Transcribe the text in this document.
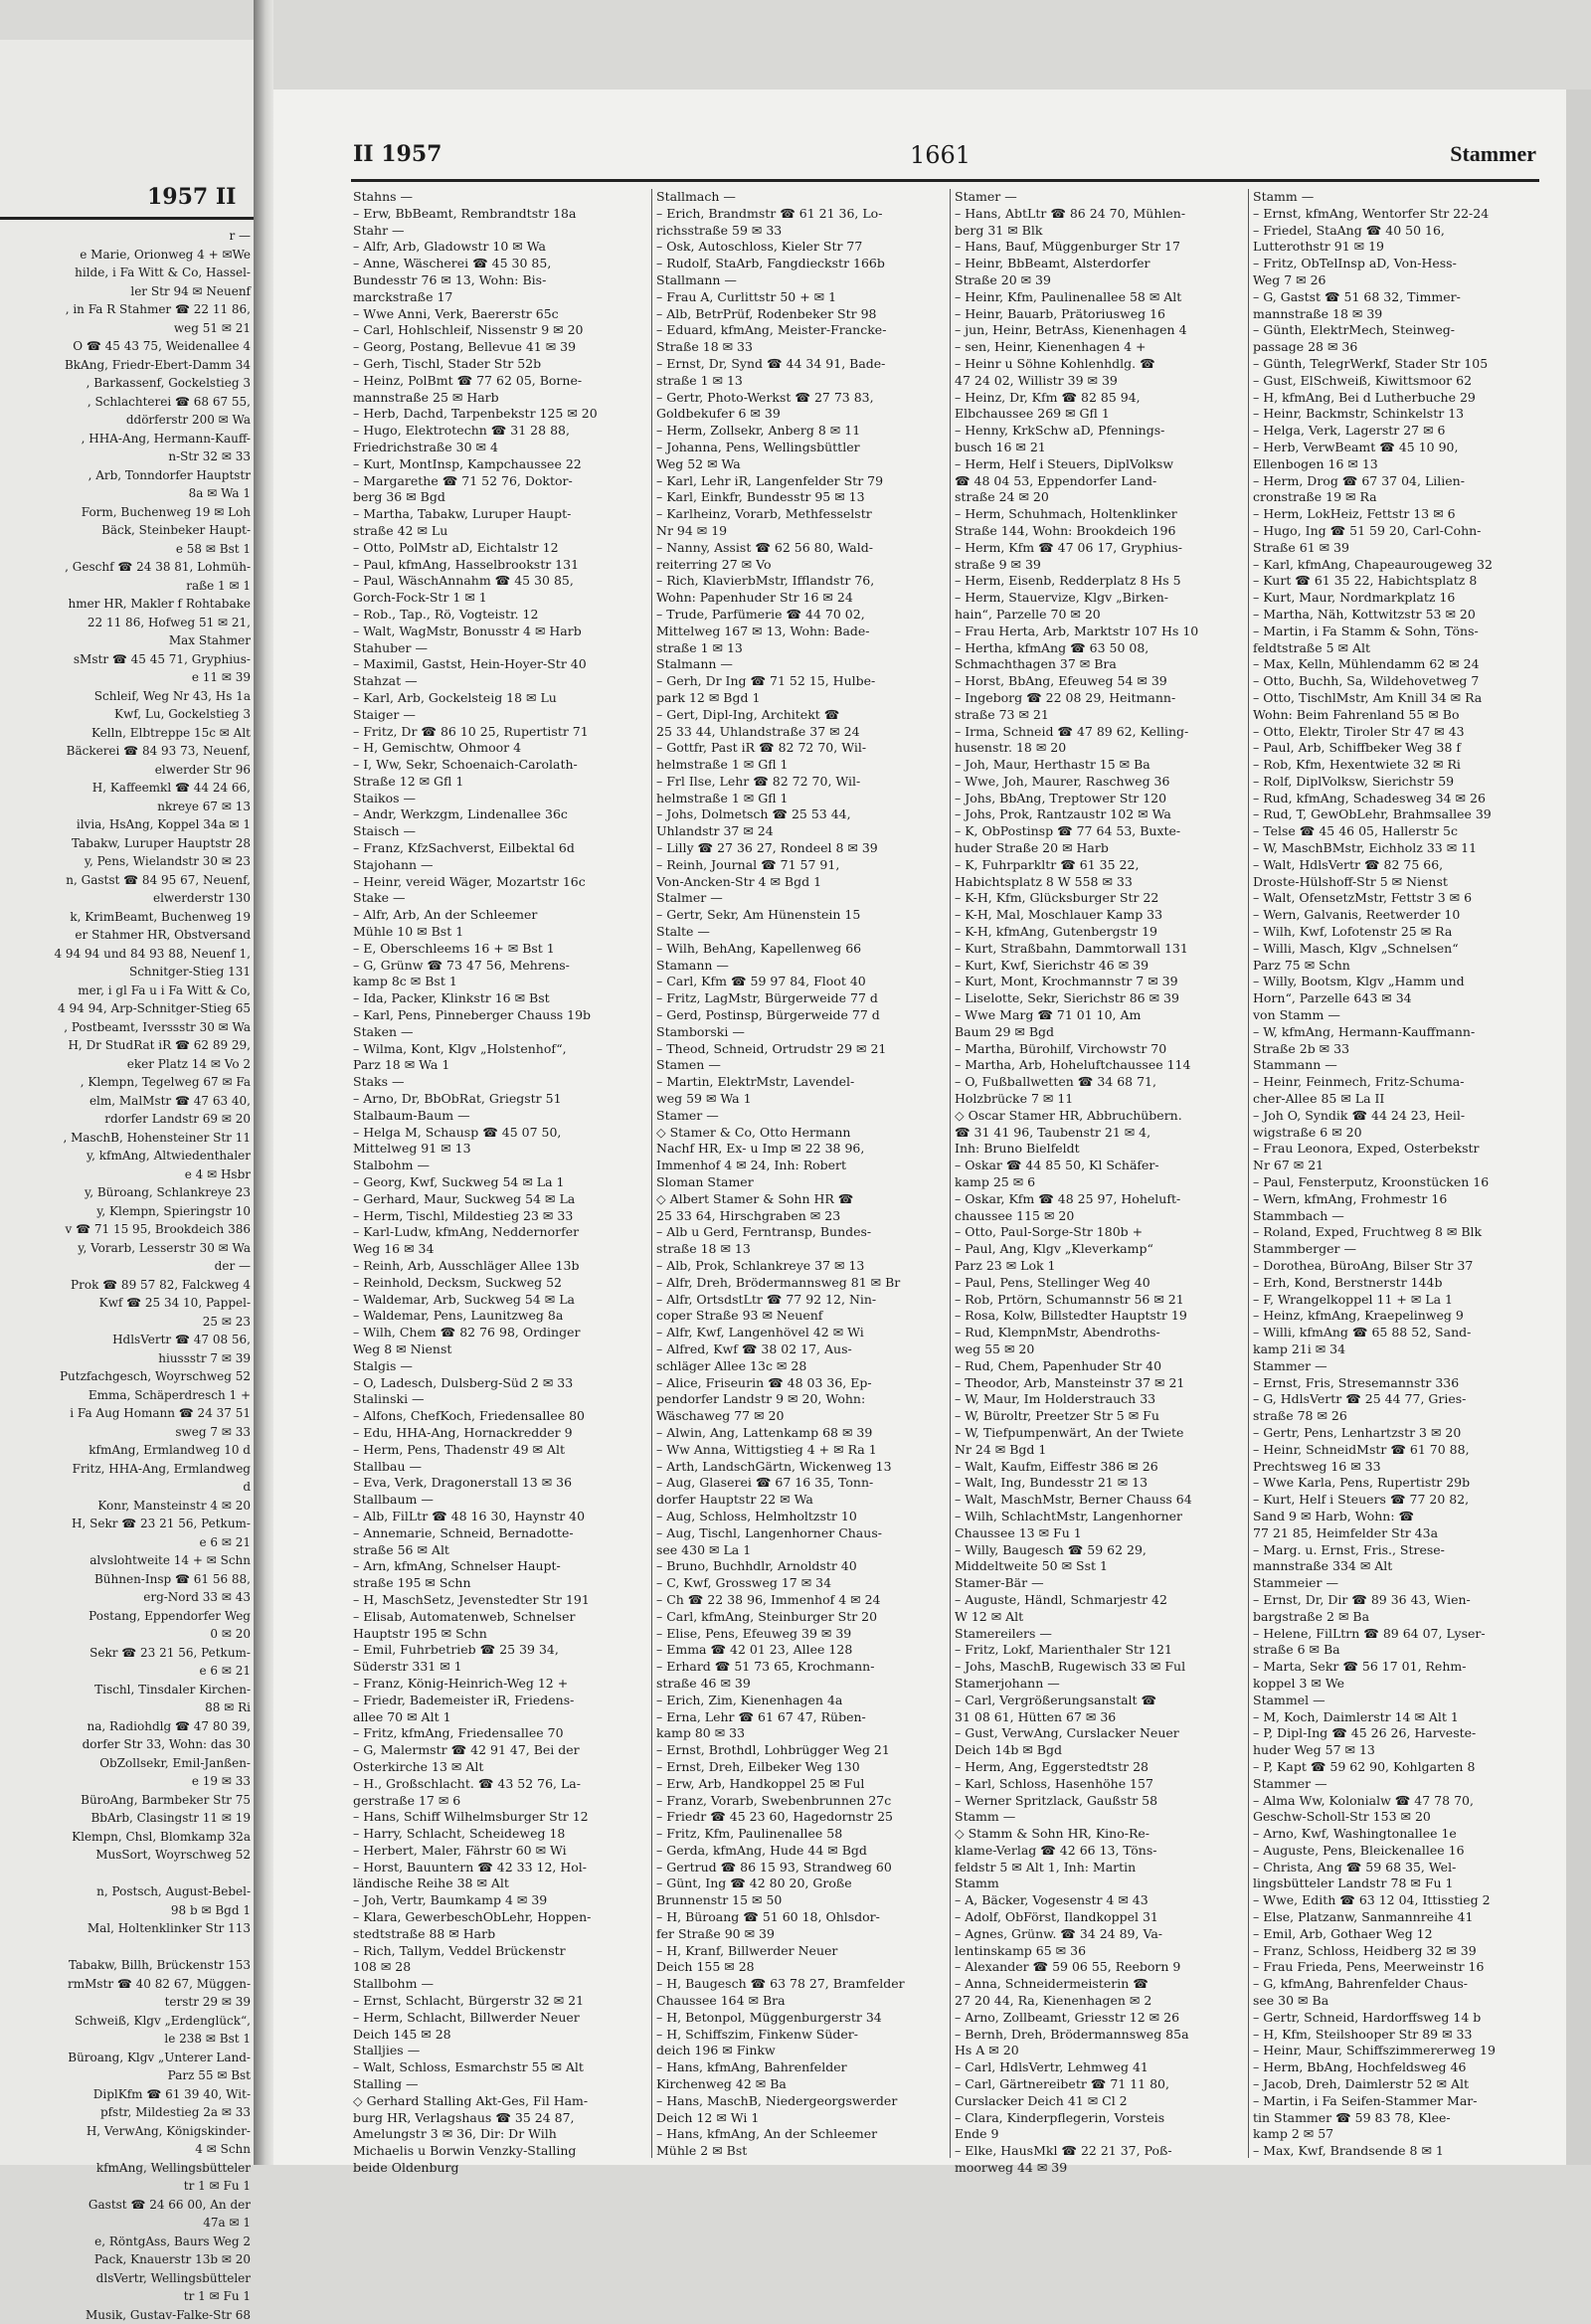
1957 II
r —
e Marie, Orionweg 4 + ✉We
hilde, i Fa Witt & Co, Hassel-
ler Str 94 ✉ Neuenf
, in Fa R Stahmer ☎ 22 11 86,
weg 51 ✉ 21
O ☎ 45 43 75, Weidenallee 4
BkAng, Friedr-Ebert-Damm 34
, Barkassenf, Gockelstieg 3
, Schlachterei ☎ 68 67 55,
ddörferstr 200 ✉ Wa
, HHA-Ang, Hermann-Kauff-
n-Str 32 ✉ 33
, Arb, Tonndorfer Hauptstr
8a ✉ Wa 1
Form, Buchenweg 19 ✉ Loh
Bäck, Steinbeker Haupt-
e 58 ✉ Bst 1
, Geschf ☎ 24 38 81, Lohmüh-
raße 1 ✉ 1
hmer HR, Makler f Rohtabake
22 11 86, Hofweg 51 ✉ 21,
Max Stahmer
sMstr ☎ 45 45 71, Gryphius-
e 11 ✉ 39
Schleif, Weg Nr 43, Hs 1a
Kwf, Lu, Gockelstieg 3
Kelln, Elbtreppe 15c ✉ Alt
Bäckerei ☎ 84 93 73, Neuenf,
elwerder Str 96
H, Kaffeemkl ☎ 44 24 66,
nkreye 67 ✉ 13
ilvia, HsAng, Koppel 34a ✉ 1
Tabakw, Luruper Hauptstr 28
y, Pens, Wielandstr 30 ✉ 23
n, Gastst ☎ 84 95 67, Neuenf,
elwerderstr 130
k, KrimBeamt, Buchenweg 19
er Stahmer HR, Obstversand
4 94 94 und 84 93 88, Neuenf 1,
Schnitger-Stieg 131
mer, i gl Fa u i Fa Witt & Co,
4 94 94, Arp-Schnitger-Stieg 65
, Postbeamt, Iverssstr 30 ✉ Wa
H, Dr StudRat iR ☎ 62 89 29,
eker Platz 14 ✉ Vo 2
, Klempn, Tegelweg 67 ✉ Fa
elm, MalMstr ☎ 47 63 40,
rdorfer Landstr 69 ✉ 20
, MaschB, Hohensteiner Str 11
y, kfmAng, Altwiedenthaler
e 4 ✉ Hsbr
y, Büroang, Schlankreye 23
y, Klempn, Spieringstr 10
v ☎ 71 15 95, Brookdeich 386
y, Vorarb, Lesserstr 30 ✉ Wa
der —
Prok ☎ 89 57 82, Falckweg 4
Kwf ☎ 25 34 10, Pappel-
25 ✉ 23
HdlsVertr ☎ 47 08 56,
hiussstr 7 ✉ 39
Putzfachgesch, Woyrschweg 52
Emma, Schäperdresch 1 +
i Fa Aug Homann ☎ 24 37 51
sweg 7 ✉ 33
kfmAng, Ermlandweg 10 d
Fritz, HHA-Ang, Ermlandweg
d
Konr, Mansteinstr 4 ✉ 20
H, Sekr ☎ 23 21 56, Petkum-
e 6 ✉ 21
alvslohtweite 14 + ✉ Schn
Bühnen-Insp ☎ 61 56 88,
erg-Nord 33 ✉ 43
Postang, Eppendorfer Weg
0 ✉ 20
Sekr ☎ 23 21 56, Petkum-
e 6 ✉ 21
Tischl, Tinsdaler Kirchen-
88 ✉ Ri
na, Radiohdlg ☎ 47 80 39,
dorfer Str 33, Wohn: das 30
ObZollsekr, Emil-Janßen-
e 19 ✉ 33
BüroAng, Barmbeker Str 75
BbArb, Clasingstr 11 ✉ 19
Klempn, Chsl, Blomkamp 32a
MusSort, Woyrschweg 52

n, Postsch, August-Bebel-
98 b ✉ Bgd 1
Mal, Holtenklinker Str 113

Tabakw, Billh, Brückenstr 153
rmMstr ☎ 40 82 67, Müggen-
terstr 29 ✉ 39
Schweiß, Klgv „Erdenglück“,
le 238 ✉ Bst 1
Büroang, Klgv „Unterer Land-
Parz 55 ✉ Bst
DiplKfm ☎ 61 39 40, Wit-
pfstr, Mildestieg 2a ✉ 33
H, VerwAng, Königskinder-
4 ✉ Schn
kfmAng, Wellingsbütteler
tr 1 ✉ Fu 1
Gastst ☎ 24 66 00, An der
47a ✉ 1
e, RöntgAss, Baurs Weg 2
Pack, Knauerstr 13b ✉ 20
dlsVertr, Wellingsbütteler
tr 1 ✉ Fu 1
Musik, Gustav-Falke-Str 68
II 1957	1661	Stammer
Stahns —
– Erw, BbBeamt, Rembrandtstr 18a
Stahr —
– Alfr, Arb, Gladowstr 10 ✉ Wa
– Anne, Wäscherei ☎ 45 30 85,
Bundesstr 76 ✉ 13, Wohn: Bis-
marckstraße 17
– Wwe Anni, Verk, Baererstr 65c
– Carl, Hohlschleif, Nissenstr 9 ✉ 20
– Georg, Postang, Bellevue 41 ✉ 39
– Gerh, Tischl, Stader Str 52b
– Heinz, PolBmt ☎ 77 62 05, Borne-
mannstraße 25 ✉ Harb
– Herb, Dachd, Tarpenbekstr 125 ✉ 20
– Hugo, Elektrotechn ☎ 31 28 88,
Friedrichstraße 30 ✉ 4
– Kurt, MontInsp, Kampchaussee 22
– Margarethe ☎ 71 52 76, Doktor-
berg 36 ✉ Bgd
– Martha, Tabakw, Luruper Haupt-
straße 42 ✉ Lu
– Otto, PolMstr aD, Eichtalstr 12
– Paul, kfmAng, Hasselbrookstr 131
– Paul, WäschAnnahm ☎ 45 30 85,
Gorch-Fock-Str 1 ✉ 1
– Rob., Tap., Rö, Vogteistr. 12
– Walt, WagMstr, Bonusstr 4 ✉ Harb
Stahuber —
– Maximil, Gastst, Hein-Hoyer-Str 40
Stahzat —
– Karl, Arb, Gockelsteig 18 ✉ Lu
Staiger —
– Fritz, Dr ☎ 86 10 25, Rupertistr 71
– H, Gemischtw, Ohmoor 4
– I, Ww, Sekr, Schoenaich-Carolath-
Straße 12 ✉ Gfl 1
Staikos —
– Andr, Werkzgm, Lindenallee 36c
Staisch —
– Franz, KfzSachverst, Eilbektal 6d
Stajohann —
– Heinr, vereid Wäger, Mozartstr 16c
Stake —
– Alfr, Arb, An der Schleemer
Mühle 10 ✉ Bst 1
– E, Oberschleems 16 + ✉ Bst 1
– G, Grünw ☎ 73 47 56, Mehrens-
kamp 8c ✉ Bst 1
– Ida, Packer, Klinkstr 16 ✉ Bst
– Karl, Pens, Pinneberger Chauss 19b
Staken —
– Wilma, Kont, Klgv „Holstenhof“,
Parz 18 ✉ Wa 1
Staks —
– Arno, Dr, BbObRat, Griegstr 51
Stalbaum-Baum —
– Helga M, Schausp ☎ 45 07 50,
Mittelweg 91 ✉ 13
Stalbohm —
– Georg, Kwf, Suckweg 54 ✉ La 1
– Gerhard, Maur, Suckweg 54 ✉ La
– Herm, Tischl, Mildestieg 23 ✉ 33
– Karl-Ludw, kfmAng, Neddernorfer
Weg 16 ✉ 34
– Reinh, Arb, Ausschläger Allee 13b
– Reinhold, Decksm, Suckweg 52
– Waldemar, Arb, Suckweg 54 ✉ La
– Waldemar, Pens, Launitzweg 8a
– Wilh, Chem ☎ 82 76 98, Ordinger
Weg 8 ✉ Nienst
Stalgis —
– O, Ladesch, Dulsberg-Süd 2 ✉ 33
Stalinski —
– Alfons, ChefKoch, Friedensallee 80
– Edu, HHA-Ang, Hornackredder 9
– Herm, Pens, Thadenstr 49 ✉ Alt
Stallbau —
– Eva, Verk, Dragonerstall 13 ✉ 36
Stallbaum —
– Alb, FilLtr ☎ 48 16 30, Haynstr 40
– Annemarie, Schneid, Bernadotte-
straße 56 ✉ Alt
– Arn, kfmAng, Schnelser Haupt-
straße 195 ✉ Schn
– H, MaschSetz, Jevenstedter Str 191
– Elisab, Automatenweb, Schnelser
Hauptstr 195 ✉ Schn
– Emil, Fuhrbetrieb ☎ 25 39 34,
Süderstr 331 ✉ 1
– Franz, König-Heinrich-Weg 12 +
– Friedr, Bademeister iR, Friedens-
allee 70 ✉ Alt 1
– Fritz, kfmAng, Friedensallee 70
– G, Malermstr ☎ 42 91 47, Bei der
Osterkirche 13 ✉ Alt
– H., Großschlacht. ☎ 43 52 76, La-
gerstraße 17 ✉ 6
– Hans, Schiff Wilhelmsburger Str 12
– Harry, Schlacht, Scheideweg 18
– Herbert, Maler, Fährstr 60 ✉ Wi
– Horst, Bauuntern ☎ 42 33 12, Hol-
ländische Reihe 38 ✉ Alt
– Joh, Vertr, Baumkamp 4 ✉ 39
– Klara, GewerbeschObLehr, Hoppen-
stedtstraße 88 ✉ Harb
– Rich, Tallym, Veddel Brückenstr
108 ✉ 28
Stallbohm —
– Ernst, Schlacht, Bürgerstr 32 ✉ 21
– Herm, Schlacht, Billwerder Neuer
Deich 145 ✉ 28
Stalljies —
– Walt, Schloss, Esmarchstr 55 ✉ Alt
Stalling —
◇ Gerhard Stalling Akt-Ges, Fil Ham-
burg HR, Verlagshaus ☎ 35 24 87,
Amelungstr 3 ✉ 36, Dir: Dr Wilh
Michaelis u Borwin Venzky-Stalling
beide Oldenburg
Stallmach —
– Erich, Brandmstr ☎ 61 21 36, Lo-
richsstraße 59 ✉ 33
– Osk, Autoschloss, Kieler Str 77
– Rudolf, StaArb, Fangdieckstr 166b
Stallmann —
– Frau A, Curlittstr 50 + ✉ 1
– Alb, BetrPrüf, Rodenbeker Str 98
– Eduard, kfmAng, Meister-Francke-
Straße 18 ✉ 33
– Ernst, Dr, Synd ☎ 44 34 91, Bade-
straße 1 ✉ 13
– Gertr, Photo-Werkst ☎ 27 73 83,
Goldbekufer 6 ✉ 39
– Herm, Zollsekr, Anberg 8 ✉ 11
– Johanna, Pens, Wellingsbüttler
Weg 52 ✉ Wa
– Karl, Lehr iR, Langenfelder Str 79
– Karl, Einkfr, Bundesstr 95 ✉ 13
– Karlheinz, Vorarb, Methfesselstr
Nr 94 ✉ 19
– Nanny, Assist ☎ 62 56 80, Wald-
reiterring 27 ✉ Vo
– Rich, KlavierbMstr, Ifflandstr 76,
Wohn: Papenhuder Str 16 ✉ 24
– Trude, Parfümerie ☎ 44 70 02,
Mittelweg 167 ✉ 13, Wohn: Bade-
straße 1 ✉ 13
Stalmann —
– Gerh, Dr Ing ☎ 71 52 15, Hulbe-
park 12 ✉ Bgd 1
– Gert, Dipl-Ing, Architekt ☎
25 33 44, Uhlandstraße 37 ✉ 24
– Gottfr, Past iR ☎ 82 72 70, Wil-
helmstraße 1 ✉ Gfl 1
– Frl Ilse, Lehr ☎ 82 72 70, Wil-
helmstraße 1 ✉ Gfl 1
– Johs, Dolmetsch ☎ 25 53 44,
Uhlandstr 37 ✉ 24
– Lilly ☎ 27 36 27, Rondeel 8 ✉ 39
– Reinh, Journal ☎ 71 57 91,
Von-Ancken-Str 4 ✉ Bgd 1
Stalmer —
– Gertr, Sekr, Am Hünenstein 15
Stalte —
– Wilh, BehAng, Kapellenweg 66
Stamann —
– Carl, Kfm ☎ 59 97 84, Floot 40
– Fritz, LagMstr, Bürgerweide 77 d
– Gerd, Postinsp, Bürgerweide 77 d
Stamborski —
– Theod, Schneid, Ortrudstr 29 ✉ 21
Stamen —
– Martin, ElektrMstr, Lavendel-
weg 59 ✉ Wa 1
Stamer —
◇ Stamer & Co, Otto Hermann
Nachf HR, Ex- u Imp ✉ 22 38 96,
Immenhof 4 ✉ 24, Inh: Robert
Sloman Stamer
◇ Albert Stamer & Sohn HR ☎
25 33 64, Hirschgraben ✉ 23
– Alb u Gerd, Ferntransp, Bundes-
straße 18 ✉ 13
– Alb, Prok, Schlankreye 37 ✉ 13
– Alfr, Dreh, Brödermannsweg 81 ✉ Br
– Alfr, OrtsdstLtr ☎ 77 92 12, Nin-
coper Straße 93 ✉ Neuenf
– Alfr, Kwf, Langenhövel 42 ✉ Wi
– Alfred, Kwf ☎ 38 02 17, Aus-
schläger Allee 13c ✉ 28
– Alice, Friseurin ☎ 48 03 36, Ep-
pendorfer Landstr 9 ✉ 20, Wohn:
Wäschaweg 77 ✉ 20
– Alwin, Ang, Lattenkamp 68 ✉ 39
– Ww Anna, Wittigstieg 4 + ✉ Ra 1
– Arth, LandschGärtn, Wickenweg 13
– Aug, Glaserei ☎ 67 16 35, Tonn-
dorfer Hauptstr 22 ✉ Wa
– Aug, Schloss, Helmholtzstr 10
– Aug, Tischl, Langenhorner Chaus-
see 430 ✉ La 1
– Bruno, Buchhdlr, Arnoldstr 40
– C, Kwf, Grossweg 17 ✉ 34
– Ch ☎ 22 38 96, Immenhof 4 ✉ 24
– Carl, kfmAng, Steinburger Str 20
– Elise, Pens, Efeuweg 39 ✉ 39
– Emma ☎ 42 01 23, Allee 128
– Erhard ☎ 51 73 65, Krochmann-
straße 46 ✉ 39
– Erich, Zim, Kienenhagen 4a
– Erna, Lehr ☎ 61 67 47, Rüben-
kamp 80 ✉ 33
– Ernst, Brothdl, Lohbrügger Weg 21
– Ernst, Dreh, Eilbeker Weg 130
– Erw, Arb, Handkoppel 25 ✉ Ful
– Franz, Vorarb, Swebenbrunnen 27c
– Friedr ☎ 45 23 60, Hagedornstr 25
– Fritz, Kfm, Paulinenallee 58
– Gerda, kfmAng, Hude 44 ✉ Bgd
– Gertrud ☎ 86 15 93, Strandweg 60
– Günt, Ing ☎ 42 80 20, Große
Brunnenstr 15 ✉ 50
– H, Büroang ☎ 51 60 18, Ohlsdor-
fer Straße 90 ✉ 39
– H, Kranf, Billwerder Neuer
Deich 155 ✉ 28
– H, Baugesch ☎ 63 78 27, Bramfelder
Chaussee 164 ✉ Bra
– H, Betonpol, Müggenburgerstr 34
– H, Schiffszim, Finkenw Süder-
deich 196 ✉ Finkw
– Hans, kfmAng, Bahrenfelder
Kirchenweg 42 ✉ Ba
– Hans, MaschB, Niedergeorgswerder
Deich 12 ✉ Wi 1
– Hans, kfmAng, An der Schleemer
Mühle 2 ✉ Bst
Stamer —
– Hans, AbtLtr ☎ 86 24 70, Mühlen-
berg 31 ✉ Blk
– Hans, Bauf, Müggenburger Str 17
– Heinr, BbBeamt, Alsterdorfer
Straße 20 ✉ 39
– Heinr, Kfm, Paulinenallee 58 ✉ Alt
– Heinr, Bauarb, Prätoriusweg 16
– jun, Heinr, BetrAss, Kienenhagen 4
– sen, Heinr, Kienenhagen 4 +
– Heinr u Söhne Kohlenhdlg. ☎
47 24 02, Willistr 39 ✉ 39
– Heinz, Dr, Kfm ☎ 82 85 94,
Elbchaussee 269 ✉ Gfl 1
– Henny, KrkSchw aD, Pfennings-
busch 16 ✉ 21
– Herm, Helf i Steuers, DiplVolksw
☎ 48 04 53, Eppendorfer Land-
straße 24 ✉ 20
– Herm, Schuhmach, Holtenklinker
Straße 144, Wohn: Brookdeich 196
– Herm, Kfm ☎ 47 06 17, Gryphius-
straße 9 ✉ 39
– Herm, Eisenb, Redderplatz 8 Hs 5
– Herm, Stauervize, Klgv „Birken-
hain“, Parzelle 70 ✉ 20
– Frau Herta, Arb, Marktstr 107 Hs 10
– Hertha, kfmAng ☎ 63 50 08,
Schmachthagen 37 ✉ Bra
– Horst, BbAng, Efeuweg 54 ✉ 39
– Ingeborg ☎ 22 08 29, Heitmann-
straße 73 ✉ 21
– Irma, Schneid ☎ 47 89 62, Kelling-
husenstr. 18 ✉ 20
– Joh, Maur, Herthastr 15 ✉ Ba
– Wwe, Joh, Maurer, Raschweg 36
– Johs, BbAng, Treptower Str 120
– Johs, Prok, Rantzaustr 102 ✉ Wa
– K, ObPostinsp ☎ 77 64 53, Buxte-
huder Straße 20 ✉ Harb
– K, Fuhrparkltr ☎ 61 35 22,
Habichtsplatz 8 W 558 ✉ 33
– K-H, Kfm, Glücksburger Str 22
– K-H, Mal, Moschlauer Kamp 33
– K-H, kfmAng, Gutenbergstr 19
– Kurt, Straßbahn, Dammtorwall 131
– Kurt, Kwf, Sierichstr 46 ✉ 39
– Kurt, Mont, Krochmannstr 7 ✉ 39
– Liselotte, Sekr, Sierichstr 86 ✉ 39
– Wwe Marg ☎ 71 01 10, Am
Baum 29 ✉ Bgd
– Martha, Bürohilf, Virchowstr 70
– Martha, Arb, Hoheluftchaussee 114
– O, Fußballwetten ☎ 34 68 71,
Holzbrücke 7 ✉ 11
◇ Oscar Stamer HR, Abbruchübern.
☎ 31 41 96, Taubenstr 21 ✉ 4,
Inh: Bruno Bielfeldt
– Oskar ☎ 44 85 50, Kl Schäfer-
kamp 25 ✉ 6
– Oskar, Kfm ☎ 48 25 97, Hoheluft-
chaussee 115 ✉ 20
– Otto, Paul-Sorge-Str 180b +
– Paul, Ang, Klgv „Kleverkamp“
Parz 23 ✉ Lok 1
– Paul, Pens, Stellinger Weg 40
– Rob, Prtörn, Schumannstr 56 ✉ 21
– Rosa, Kolw, Billstedter Hauptstr 19
– Rud, KlempnMstr, Abendroths-
weg 55 ✉ 20
– Rud, Chem, Papenhuder Str 40
– Theodor, Arb, Mansteinstr 37 ✉ 21
– W, Maur, Im Holderstrauch 33
– W, Büroltr, Preetzer Str 5 ✉ Fu
– W, Tiefpumpenwärt, An der Twiete
Nr 24 ✉ Bgd 1
– Walt, Kaufm, Eiffestr 386 ✉ 26
– Walt, Ing, Bundesstr 21 ✉ 13
– Walt, MaschMstr, Berner Chauss 64
– Wilh, SchlachtMstr, Langenhorner
Chaussee 13 ✉ Fu 1
– Willy, Baugesch ☎ 59 62 29,
Middeltweite 50 ✉ Sst 1
Stamer-Bär —
– Auguste, Händl, Schmarjestr 42
W 12 ✉ Alt
Stamereilers —
– Fritz, Lokf, Marienthaler Str 121
– Johs, MaschB, Rugewisch 33 ✉ Ful
Stamerjohann —
– Carl, Vergrößerungsanstalt ☎
31 08 61, Hütten 67 ✉ 36
– Gust, VerwAng, Curslacker Neuer
Deich 14b ✉ Bgd
– Herm, Ang, Eggerstedtstr 28
– Karl, Schloss, Hasenhöhe 157
– Werner Spritzlack, Gaußstr 58
Stamm —
◇ Stamm & Sohn HR, Kino-Re-
klame-Verlag ☎ 42 66 13, Töns-
feldstr 5 ✉ Alt 1, Inh: Martin
Stamm
– A, Bäcker, Vogesenstr 4 ✉ 43
– Adolf, ObFörst, Ilandkoppel 31
– Agnes, Grünw. ☎ 34 24 89, Va-
lentinskamp 65 ✉ 36
– Alexander ☎ 59 06 55, Reeborn 9
– Anna, Schneidermeisterin ☎
27 20 44, Ra, Kienenhagen ✉ 2
– Arno, Zollbeamt, Griesstr 12 ✉ 26
– Bernh, Dreh, Brödermannsweg 85a
Hs A ✉ 20
– Carl, HdlsVertr, Lehmweg 41
– Carl, Gärtnereibetr ☎ 71 11 80,
Curslacker Deich 41 ✉ Cl 2
– Clara, Kinderpflegerin, Vorsteis
Ende 9
– Elke, HausMkl ☎ 22 21 37, Poß-
moorweg 44 ✉ 39
Stamm —
– Ernst, kfmAng, Wentorfer Str 22-24
– Friedel, StaAng ☎ 40 50 16,
Lutterothstr 91 ✉ 19
– Fritz, ObTelInsp aD, Von-Hess-
Weg 7 ✉ 26
– G, Gastst ☎ 51 68 32, Timmer-
mannstraße 18 ✉ 39
– Günth, ElektrMech, Steinweg-
passage 28 ✉ 36
– Günth, TelegrWerkf, Stader Str 105
– Gust, ElSchweiß, Kiwittsmoor 62
– H, kfmAng, Bei d Lutherbuche 29
– Heinr, Backmstr, Schinkelstr 13
– Helga, Verk, Lagerstr 27 ✉ 6
– Herb, VerwBeamt ☎ 45 10 90,
Ellenbogen 16 ✉ 13
– Herm, Drog ☎ 67 37 04, Lilien-
cronstraße 19 ✉ Ra
– Herm, LokHeiz, Fettstr 13 ✉ 6
– Hugo, Ing ☎ 51 59 20, Carl-Cohn-
Straße 61 ✉ 39
– Karl, kfmAng, Chapeaurougeweg 32
– Kurt ☎ 61 35 22, Habichtsplatz 8
– Kurt, Maur, Nordmarkplatz 16
– Martha, Näh, Kottwitzstr 53 ✉ 20
– Martin, i Fa Stamm & Sohn, Töns-
feldtstraße 5 ✉ Alt
– Max, Kelln, Mühlendamm 62 ✉ 24
– Otto, Buchh, Sa, Wildehovetweg 7
– Otto, TischlMstr, Am Knill 34 ✉ Ra
Wohn: Beim Fahrenland 55 ✉ Bo
– Otto, Elektr, Tiroler Str 47 ✉ 43
– Paul, Arb, Schiffbeker Weg 38 f
– Rob, Kfm, Hexentwiete 32 ✉ Ri
– Rolf, DiplVolksw, Sierichstr 59
– Rud, kfmAng, Schadesweg 34 ✉ 26
– Rud, T, GewObLehr, Brahmsallee 39
– Telse ☎ 45 46 05, Hallerstr 5c
– W, MaschBMstr, Eichholz 33 ✉ 11
– Walt, HdlsVertr ☎ 82 75 66,
Droste-Hülshoff-Str 5 ✉ Nienst
– Walt, OfensetzMstr, Fettstr 3 ✉ 6
– Wern, Galvanis, Reetwerder 10
– Wilh, Kwf, Lofotenstr 25 ✉ Ra
– Willi, Masch, Klgv „Schnelsen“
Parz 75 ✉ Schn
– Willy, Bootsm, Klgv „Hamm und
Horn“, Parzelle 643 ✉ 34
von Stamm —
– W, kfmAng, Hermann-Kauffmann-
Straße 2b ✉ 33
Stammann —
– Heinr, Feinmech, Fritz-Schuma-
cher-Allee 85 ✉ La II
– Joh O, Syndik ☎ 44 24 23, Heil-
wigstraße 6 ✉ 20
– Frau Leonora, Exped, Osterbekstr
Nr 67 ✉ 21
– Paul, Fensterputz, Kroonstücken 16
– Wern, kfmAng, Frohmestr 16
Stammbach —
– Roland, Exped, Fruchtweg 8 ✉ Blk
Stammberger —
– Dorothea, BüroAng, Bilser Str 37
– Erh, Kond, Berstnerstr 144b
– F, Wrangelkoppel 11 + ✉ La 1
– Heinz, kfmAng, Kraepelinweg 9
– Willi, kfmAng ☎ 65 88 52, Sand-
kamp 21i ✉ 34
Stammer —
– Ernst, Fris, Stresemannstr 336
– G, HdlsVertr ☎ 25 44 77, Gries-
straße 78 ✉ 26
– Gertr, Pens, Lenhartzstr 3 ✉ 20
– Heinr, SchneidMstr ☎ 61 70 88,
Prechtsweg 16 ✉ 33
– Wwe Karla, Pens, Rupertistr 29b
– Kurt, Helf i Steuers ☎ 77 20 82,
Sand 9 ✉ Harb, Wohn: ☎
77 21 85, Heimfelder Str 43a
– Marg. u. Ernst, Fris., Strese-
mannstraße 334 ✉ Alt
Stammeier —
– Ernst, Dr, Dir ☎ 89 36 43, Wien-
bargstraße 2 ✉ Ba
– Helene, FilLtrn ☎ 89 64 07, Lyser-
straße 6 ✉ Ba
– Marta, Sekr ☎ 56 17 01, Rehm-
koppel 3 ✉ We
Stammel —
– M, Koch, Daimlerstr 14 ✉ Alt 1
– P, Dipl-Ing ☎ 45 26 26, Harveste-
huder Weg 57 ✉ 13
– P, Kapt ☎ 59 62 90, Kohlgarten 8
Stammer —
– Alma Ww, Kolonialw ☎ 47 78 70,
Geschw-Scholl-Str 153 ✉ 20
– Arno, Kwf, Washingtonallee 1e
– Auguste, Pens, Bleickenallee 16
– Christa, Ang ☎ 59 68 35, Wel-
lingsbütteler Landstr 78 ✉ Fu 1
– Wwe, Edith ☎ 63 12 04, Ittisstieg 2
– Else, Platzanw, Sanmannreihe 41
– Emil, Arb, Gothaer Weg 12
– Franz, Schloss, Heidberg 32 ✉ 39
– Frau Frieda, Pens, Meerweinstr 16
– G, kfmAng, Bahrenfelder Chaus-
see 30 ✉ Ba
– Gertr, Schneid, Hardorffsweg 14 b
– H, Kfm, Steilshooper Str 89 ✉ 33
– Heinr, Maur, Schiffszimmererweg 19
– Herm, BbAng, Hochfeldsweg 46
– Jacob, Dreh, Daimlerstr 52 ✉ Alt
– Martin, i Fa Seifen-Stammer Mar-
tin Stammer ☎ 59 83 78, Klee-
kamp 2 ✉ 57
– Max, Kwf, Brandsende 8 ✉ 1
